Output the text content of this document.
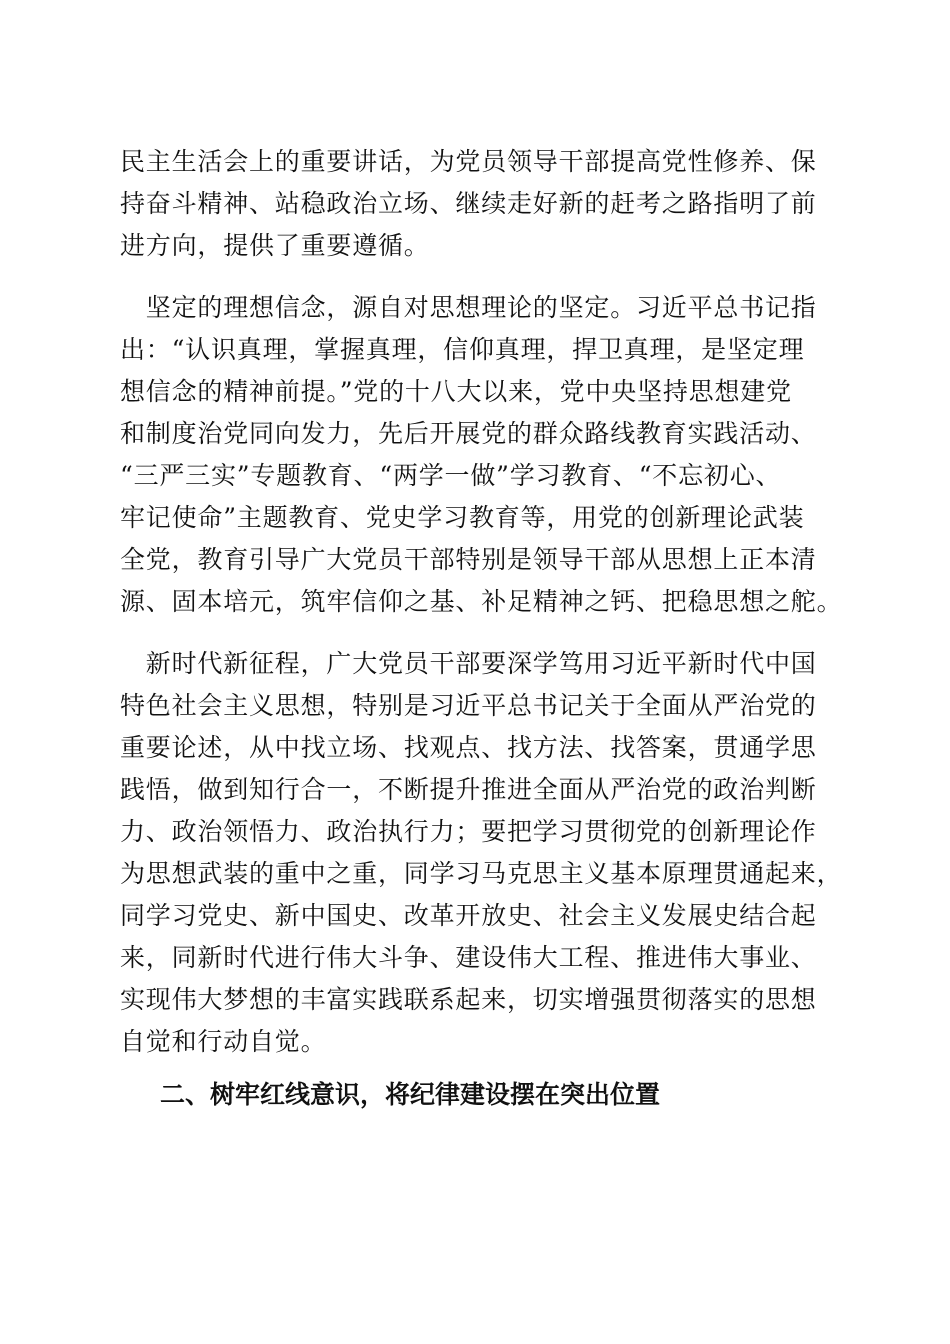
民主生活会上的重要讲话，为党员领导干部提高党性修养、保
持奋斗精神、站稳政治立场、继续走好新的赶考之路指明了前
进方向，提供了重要遵循。
　坚定的理想信念，源自对思想理论的坚定。习近平总书记指
出：“认识真理，掌握真理，信仰真理，捍卫真理，是坚定理
想信念的精神前提。”党的十八大以来，党中央坚持思想建党
和制度治党同向发力，先后开展党的群众路线教育实践活动、
“三严三实”专题教育、“两学一做”学习教育、“不忘初心、
牢记使命”主题教育、党史学习教育等，用党的创新理论武装
全党，教育引导广大党员干部特别是领导干部从思想上正本清
源、固本培元，筑牢信仰之基、补足精神之钙、把稳思想之舵。
　新时代新征程，广大党员干部要深学笃用习近平新时代中国
特色社会主义思想，特别是习近平总书记关于全面从严治党的
重要论述，从中找立场、找观点、找方法、找答案，贯通学思
践悟，做到知行合一，不断提升推进全面从严治党的政治判断
力、政治领悟力、政治执行力；要把学习贯彻党的创新理论作
为思想武装的重中之重，同学习马克思主义基本原理贯通起来，
同学习党史、新中国史、改革开放史、社会主义发展史结合起
来，同新时代进行伟大斗争、建设伟大工程、推进伟大事业、
实现伟大梦想的丰富实践联系起来，切实增强贯彻落实的思想
自觉和行动自觉。
二、树牢红线意识，将纪律建设摆在突出位置
